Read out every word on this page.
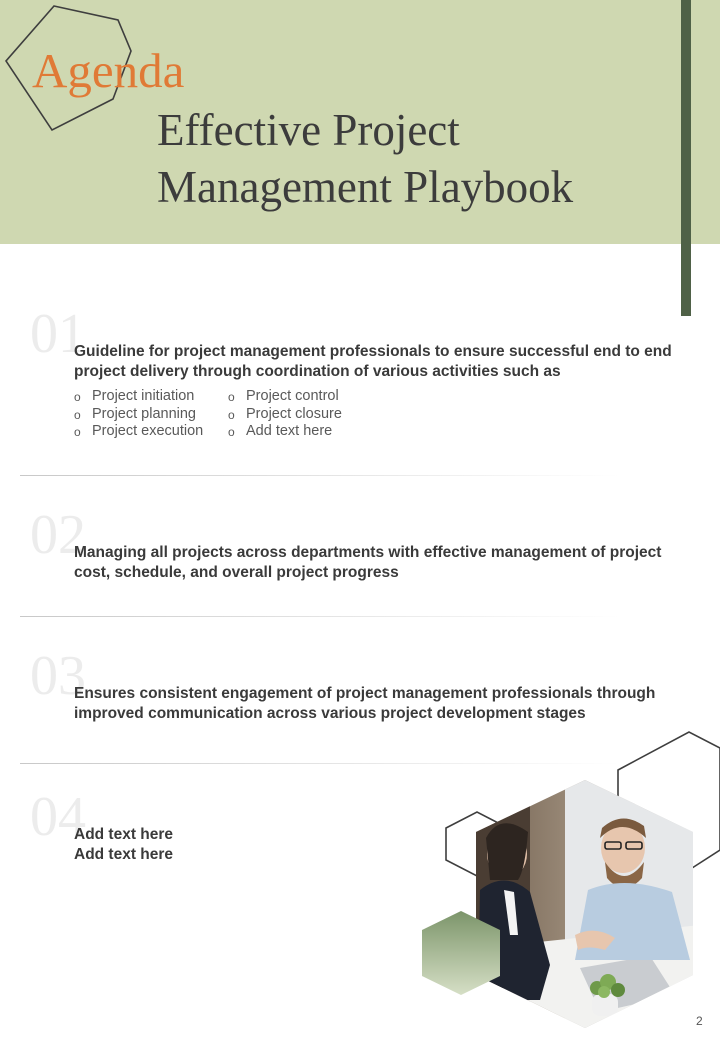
Agenda
Effective Project
Management Playbook
01
Guideline for project management professionals to ensure successful end to end
project delivery through coordination of various activities such as
o Project initiation
o Project planning
o Project execution
o Project control
o Project closure
o Add text here
02
Managing all projects across departments with effective management of project
cost, schedule, and overall project progress
03
Ensures consistent engagement of project management professionals through
improved communication across various project development stages
04
Add text here
Add text here
2
